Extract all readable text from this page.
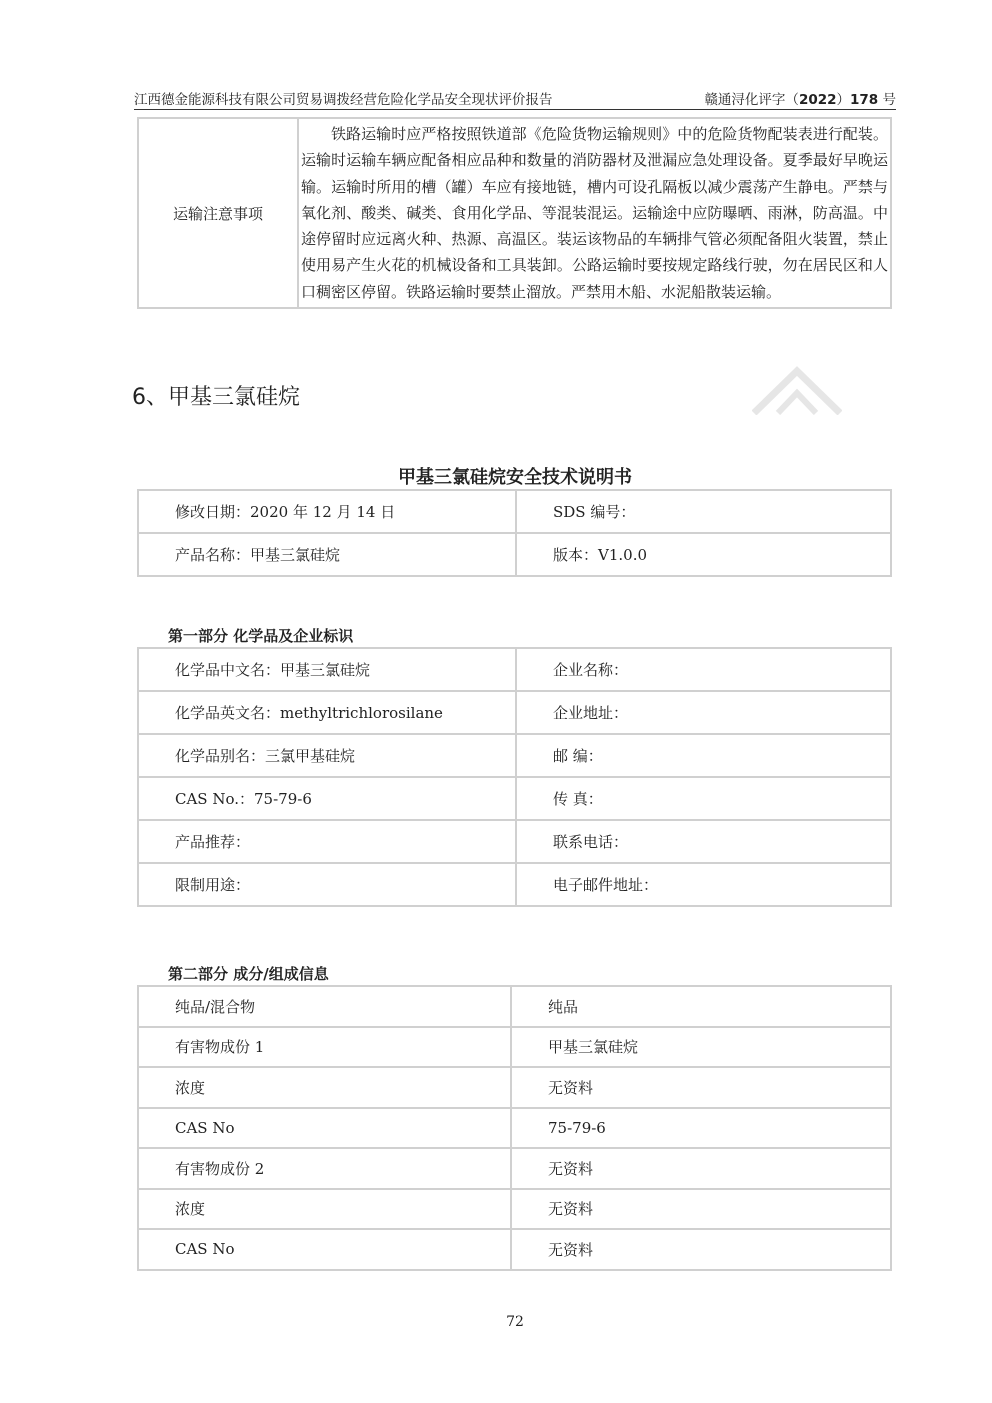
江西德金能源科技有限公司贸易调拨经营危险化学品安全现状评价报告	赣通浔化评字（2022）178 号
运输注意事项	

铁路运输时应严格按照铁道部《危险货物运输规则》中的危险货物配装表进行配装。运输时运输车辆应配备相应品种和数量的消防器材及泄漏应急处理设备。夏季最好早晚运输。运输时所用的槽（罐）车应有接地链，槽内可设孔隔板以减少震荡产生静电。严禁与氧化剂、酸类、碱类、食用化学品、等混装混运。运输途中应防曝晒、雨淋，防高温。中途停留时应远离火种、热源、高温区。装运该物品的车辆排气管必须配备阻火装置，禁止使用易产生火花的机械设备和工具装卸。公路运输时要按规定路线行驶，勿在居民区和人口稠密区停留。铁路运输时要禁止溜放。严禁用木船、水泥船散装运输。

6、甲基三氯硅烷
甲基三氯硅烷安全技术说明书
修改日期：2020 年 12 月 14 日	SDS 编号：
产品名称：甲基三氯硅烷	版本：V1.0.0
第一部分 化学品及企业标识
化学品中文名：甲基三氯硅烷	企业名称：
化学品英文名：methyltrichlorosilane	企业地址：
化学品别名：三氯甲基硅烷	邮 编：
CAS No.：75-79-6	传 真：
产品推荐：	联系电话：
限制用途：	电子邮件地址：
第二部分 成分/组成信息
纯品/混合物	纯品
有害物成份 1	甲基三氯硅烷
浓度	无资料
CAS No	75-79-6
有害物成份 2	无资料
浓度	无资料
CAS No	无资料
72
